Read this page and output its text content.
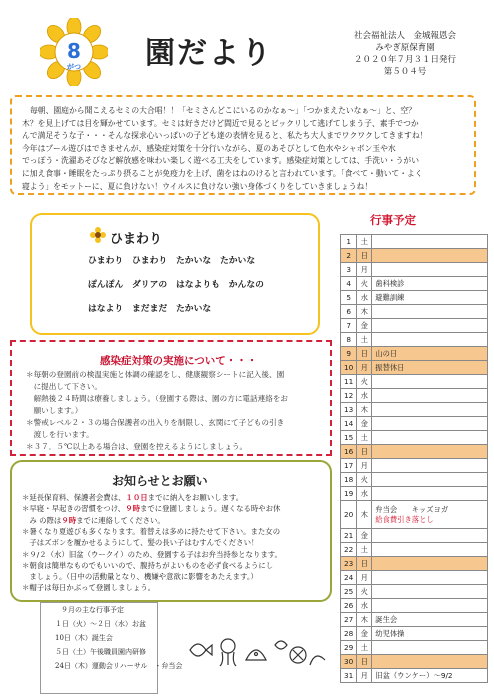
8
がつ 園だより	社会福祉法人　金城報恩会
みやぎ原保育園
２０２０年７月３１日発行
第５０４号
毎朝、園庭から聞こえるセミの大合唱！！「セミさんどこにいるのかなぁ～」「つかまえたいなぁ～」と、空？
木？を見上げては目を輝かせています。セミは好きだけど間近で見るとビックリして逃げてしまう子、素手でつか
んで満足そうな子・・・そんな探求心いっぱいの子ども達の表情を見ると、私たち大人までワクワクしてきますね！
今年はプール遊びはできませんが、感染症対策を十分行いながら、夏のあそびとして色水やシャボン玉や水
でっぽう・洗濯あそびなど解放感を味わい楽しく遊べる工夫をしています。感染症対策としては、手洗い・うがい
に加え食事・睡眠をたっぷり摂ることが免疫力を上げ、菌をはねのけると言われています。「食べて・動いて・よく
寝よう」をモットーに、夏に負けない！ウイルスに負けない強い身体づくりをしていきましょうね！
ひまわり
ひまわり　ひまわり　たかいな　たかいな
ぽんぽん　ダリアの　はなよりも　かんなの
はなより　まだまだ　たかいな
感染症対策の実施について・・・
＊毎朝の登園前の検温実施と体調の確認をし、健康観察シートに記入後、園
　に提出して下さい。
　解熱後２４時間は療養しましょう。（登園する際は、園の方に電話連絡をお
　願いします。）
＊警戒レベル２・３の場合保護者の出入りを制限し、玄関にて子どもの引き
　渡しを行います。
＊３７．５℃以上ある場合は、登園を控えるようにしましょう。
お知らせとお願い
＊延長保育料、保護者会費は、１０日までに納入をお願いします。
＊早寝・早起きの習慣をつけ、９時までに登園しましょう。遅くなる時やお休
　み の際は９時までに連絡してください。
＊暑くなり夏遊びも多くなります。着替えは多めに持たせて下さい。また女の
　子はズボンを履かせるようにして、髪の長い子はむすんでください！
＊９/２（水）旧盆（ウークイ）のため、登園する子はお弁当持参となります。
＊朝食は簡単なものでもいいので、腹持ちがよいものを必ず食べるようにし
　ましょう。（日中の活動量となり、機嫌や意欲に影響をあたえます。）
＊帽子は毎日かぶって登園しましょう。
９月の主な行事予定
１日（火）～２日（水）お盆
10日（木）誕生会
５日（土）午後職員園内研修
24日（木）運動会リハーサル　・弁当会
行事予定
1	土	
2	日	
3	月	
4	火	歯科検診
5	水	避難訓練
6	木	
7	金	
8	土	
9	日	山の日
10	月	振替休日
11	火	
12	水	
13	木	
14	金	
15	土	
16	日	
17	月	
18	火	
19	水	
20	木	弁当会　　キッズヨガ
給食費引き落とし

21	金	
22	土	
23	日	
24	月	
25	火	
26	水	
27	木	誕生会
28	金	幼児体操
29	土	
30	日	
31	月	旧盆（ウンケー）～9/2
